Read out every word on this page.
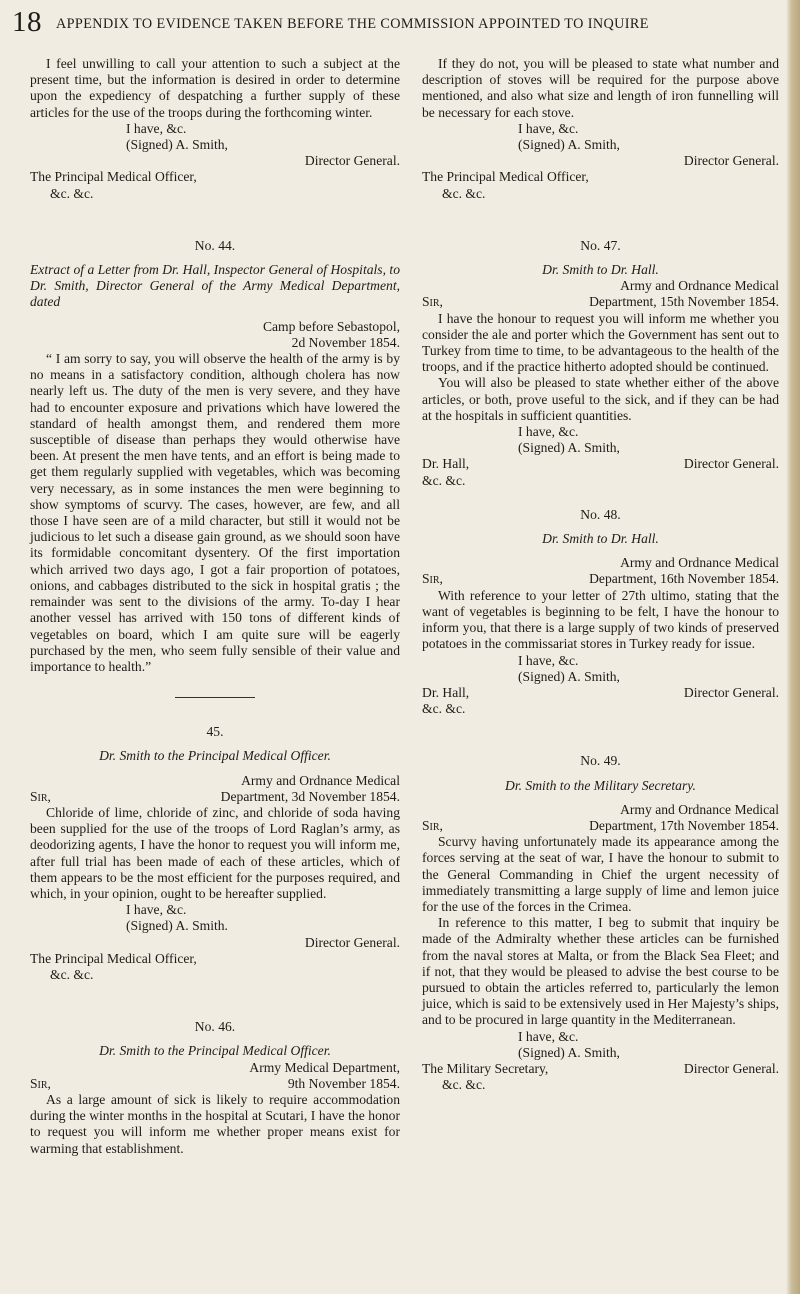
18 APPENDIX TO EVIDENCE TAKEN BEFORE THE COMMISSION APPOINTED TO INQUIRE

I feel unwilling to call your attention to such a subject at the present time, but the information is desired in order to determine upon the expediency of despatching a further supply of these articles for the use of the troops during the forthcoming winter.

I have, &c.
(Signed) A. Smith,
Director General.
The Principal Medical Officer,
&c. &c.
No. 44.
Extract of a Letter from Dr. Hall, Inspector General of Hospitals, to Dr. Smith, Director General of the Army Medical Department, dated
Camp before Sebastopol,
2d November 1854.

“ I am sorry to say, you will observe the health of the army is by no means in a satisfactory condition, although cholera has now nearly left us. The duty of the men is very severe, and they have had to encounter exposure and privations which have lowered the standard of health amongst them, and rendered them more susceptible of disease than perhaps they would otherwise have been. At present the men have tents, and an effort is being made to get them regularly supplied with vegetables, which was becoming very necessary, as in some instances the men were beginning to show symptoms of scurvy. The cases, however, are few, and all those I have seen are of a mild character, but still it would not be judicious to let such a disease gain ground, as we should soon have its formidable concomitant dysentery. Of the first importation which arrived two days ago, I got a fair proportion of potatoes, onions, and cabbages distributed to the sick in hospital gratis ; the remainder was sent to the divisions of the army. To-day I hear another vessel has arrived with 150 tons of different kinds of vegetables on board, which I am quite sure will be eagerly purchased by the men, who seem fully sensible of their value and importance to health.”

45.
Dr. Smith to the Principal Medical Officer.
Army and Ordnance Medical
Sir,	Department, 3d November 1854.

Chloride of lime, chloride of zinc, and chloride of soda having been supplied for the use of the troops of Lord Raglan’s army, as deodorizing agents, I have the honor to request you will inform me, after full trial has been made of each of these articles, which of them appears to be the most efficient for the purposes required, and which, in your opinion, ought to be hereafter supplied.

I have, &c.
(Signed) A. Smith.
Director General.
The Principal Medical Officer,
&c. &c.
No. 46.
Dr. Smith to the Principal Medical Officer.
Army Medical Department,
Sir,	9th November 1854.

As a large amount of sick is likely to require accommodation during the winter months in the hospital at Scutari, I have the honor to request you will inform me whether proper means exist for warming that establishment.

If they do not, you will be pleased to state what number and description of stoves will be required for the purpose above mentioned, and also what size and length of iron funnelling will be necessary for each stove.

I have, &c.
(Signed) A. Smith,
Director General.
The Principal Medical Officer,
&c. &c.
No. 47.
Dr. Smith to Dr. Hall.
Army and Ordnance Medical
Sir,	Department, 15th November 1854.

I have the honour to request you will inform me whether you consider the ale and porter which the Government has sent out to Turkey from time to time, to be advantageous to the health of the troops, and if the practice hitherto adopted should be continued.

You will also be pleased to state whether either of the above articles, or both, prove useful to the sick, and if they can be had at the hospitals in sufficient quantities.

I have, &c.
(Signed) A. Smith,
Dr. Hall,	Director General.
&c. &c.
No. 48.
Dr. Smith to Dr. Hall.
Army and Ordnance Medical
Sir,	Department, 16th November 1854.

With reference to your letter of 27th ultimo, stating that the want of vegetables is beginning to be felt, I have the honour to inform you, that there is a large supply of two kinds of preserved potatoes in the commissariat stores in Turkey ready for issue.

I have, &c.
(Signed) A. Smith,
Dr. Hall,	Director General.
&c. &c.
No. 49.
Dr. Smith to the Military Secretary.
Army and Ordnance Medical
Sir,	Department, 17th November 1854.

Scurvy having unfortunately made its appearance among the forces serving at the seat of war, I have the honour to submit to the General Commanding in Chief the urgent necessity of immediately transmitting a large supply of lime and lemon juice for the use of the forces in the Crimea.

In reference to this matter, I beg to submit that inquiry be made of the Admiralty whether these articles can be furnished from the naval stores at Malta, or from the Black Sea Fleet; and if not, that they would be pleased to advise the best course to be pursued to obtain the articles referred to, particularly the lemon juice, which is said to be extensively used in Her Majesty’s ships, and to be procured in large quantity in the Mediterranean.

I have, &c.
(Signed) A. Smith,
The Military Secretary,	Director General.
&c. &c.
